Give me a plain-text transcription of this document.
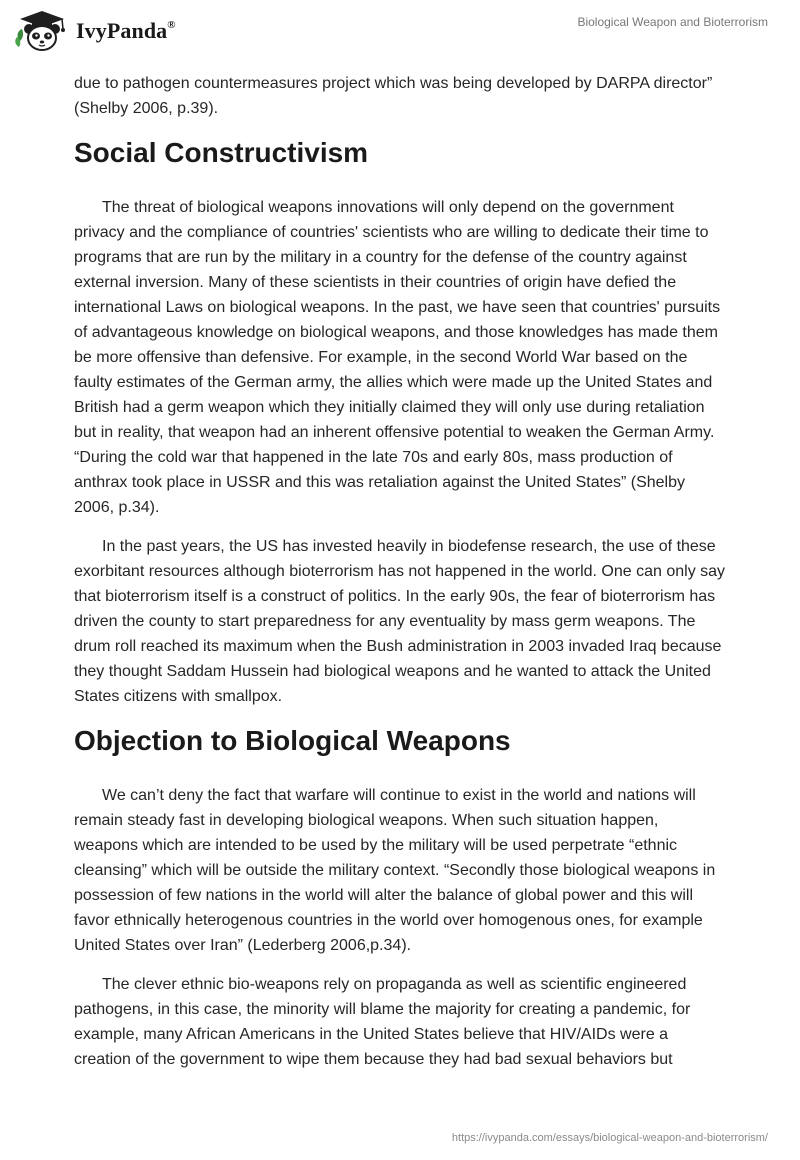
IvyPanda®	Biological Weapon and Bioterrorism

due to pathogen countermeasures project which was being developed by DARPA director” (Shelby 2006, p.39).

Social Constructivism

The threat of biological weapons innovations will only depend on the government privacy and the compliance of countries' scientists who are willing to dedicate their time to programs that are run by the military in a country for the defense of the country against external inversion. Many of these scientists in their countries of origin have defied the international Laws on biological weapons. In the past, we have seen that countries' pursuits of advantageous knowledge on biological weapons, and those knowledges has made them be more offensive than defensive. For example, in the second World War based on the faulty estimates of the German army, the allies which were made up the United States and British had a germ weapon which they initially claimed they will only use during retaliation but in reality, that weapon had an inherent offensive potential to weaken the German Army. “During the cold war that happened in the late 70s and early 80s, mass production of anthrax took place in USSR and this was retaliation against the United States” (Shelby 2006, p.34).

In the past years, the US has invested heavily in biodefense research, the use of these exorbitant resources although bioterrorism has not happened in the world. One can only say that bioterrorism itself is a construct of politics. In the early 90s, the fear of bioterrorism has driven the county to start preparedness for any eventuality by mass germ weapons. The drum roll reached its maximum when the Bush administration in 2003 invaded Iraq because they thought Saddam Hussein had biological weapons and he wanted to attack the United States citizens with smallpox.

Objection to Biological Weapons

We can’t deny the fact that warfare will continue to exist in the world and nations will remain steady fast in developing biological weapons. When such situation happen, weapons which are intended to be used by the military will be used perpetrate “ethnic cleansing” which will be outside the military context. “Secondly those biological weapons in possession of few nations in the world will alter the balance of global power and this will favor ethnically heterogenous countries in the world over homogenous ones, for example United States over Iran” (Lederberg 2006,p.34).

The clever ethnic bio-weapons rely on propaganda as well as scientific engineered pathogens, in this case, the minority will blame the majority for creating a pandemic, for example, many African Americans in the United States believe that HIV/AIDs were a creation of the government to wipe them because they had bad sexual behaviors but

https://ivypanda.com/essays/biological-weapon-and-bioterrorism/
